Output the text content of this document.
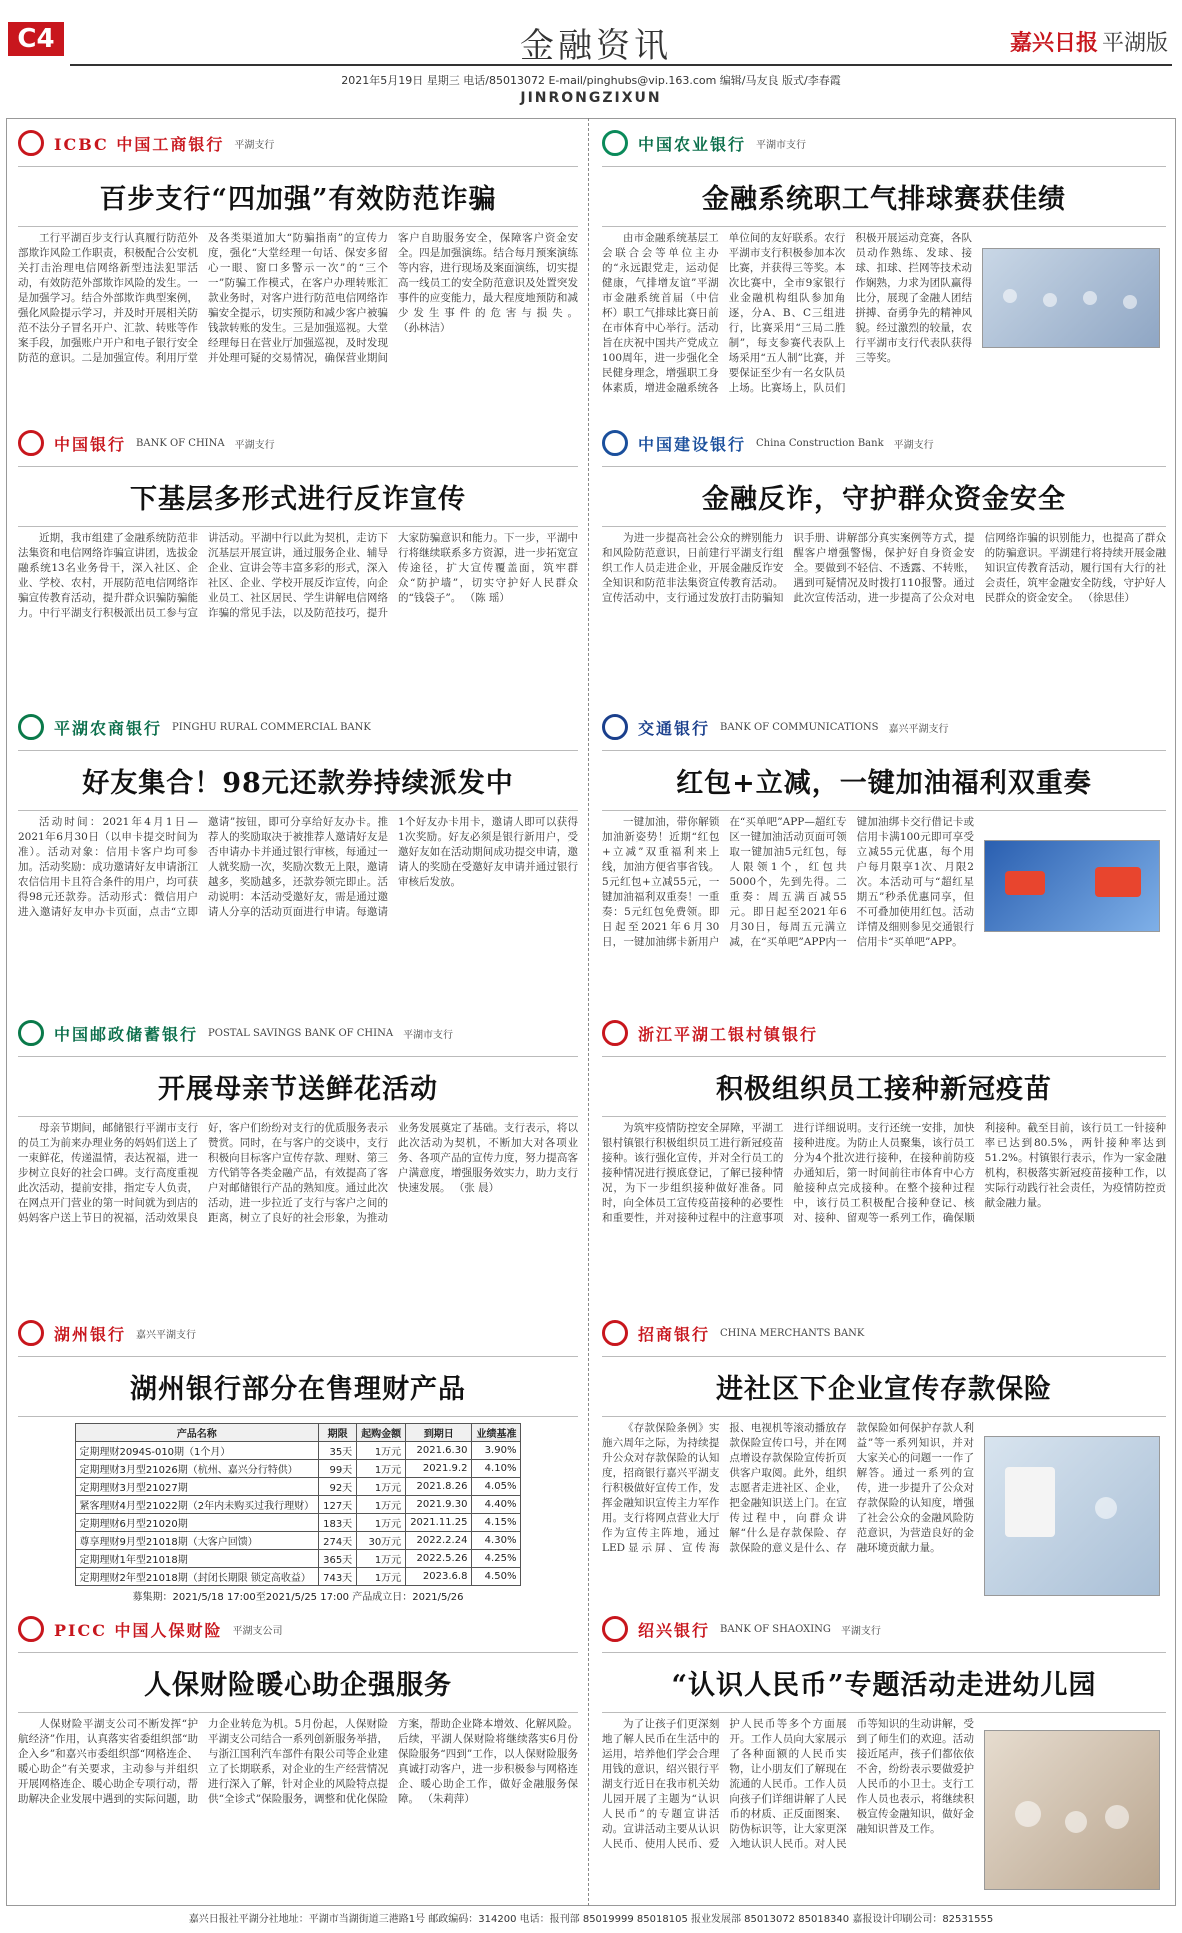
C4	金融资讯	嘉兴日报 平湖版
2021年5月19日 星期三 电话/85013072 E-mail/pinghubs@vip.163.com 编辑/马友良 版式/李春霞
JINRONGZIXUN
ICBC 中国工商银行 平湖支行
百步支行“四加强”有效防范诈骗
工行平湖百步支行认真履行防范外部欺诈风险工作职责，积极配合公安机关打击治理电信网络新型违法犯罪活动，有效防范外部欺诈风险的发生。一是加强学习。结合外部欺诈典型案例，强化风险提示学习，并及时开展相关防范不法分子冒名开户、汇款、转账等作案手段，加强账户开户和电子银行安全防范的意识。二是加强宣传。利用厅堂及各类渠道加大“防骗指南”的宣传力度，强化“大堂经理一句话、保安多留心一眼、窗口多警示一次”的“三个一”防骗工作模式，在客户办理转账汇款业务时，对客户进行防范电信网络诈骗安全提示，切实预防和减少客户被骗钱款转账的发生。三是加强巡视。大堂经理每日在营业厅加强巡视，及时发现并处理可疑的交易情况，确保营业期间客户自助服务安全，保障客户资金安全。四是加强演练。结合每月预案演练等内容，进行现场及案面演练，切实提高一线员工的安全防范意识及处置突发事件的应变能力，最大程度地预防和减少发生事件的危害与损失。 （孙林洁）
中国农业银行 平湖市支行
金融系统职工气排球赛获佳绩
由市金融系统基层工会联合会等单位主办的“永远跟党走，运动促健康，气排增友谊”平湖市金融系统首届（中信杯）职工气排球比赛日前在市体育中心举行。活动旨在庆祝中国共产党成立100周年，进一步强化全民健身理念，增强职工身体素质，增进金融系统各单位间的友好联系。农行平湖市支行积极参加本次比赛，并获得三等奖。本次比赛中，全市9家银行业金融机构组队参加角逐，分A、B、C三组进行，比赛采用“三局二胜制”，每支参赛代表队上场采用“五人制”比赛，并要保证至少有一名女队员上场。比赛场上，队员们积极开展运动竞赛，各队员动作熟练、发球、接球、扣球、拦网等技术动作娴熟，力求为团队赢得比分，展现了金融人团结拼搏、奋勇争先的精神风貌。经过激烈的较量，农行平湖市支行代表队获得三等奖。
中国银行 BANK OF CHINA 平湖支行
下基层多形式进行反诈宣传
近期，我市组建了金融系统防范非法集资和电信网络诈骗宣讲团，选拔金融系统13名业务骨干，深入社区、企业、学校、农村，开展防范电信网络诈骗宣传教育活动，提升群众识骗防骗能力。中行平湖支行积极派出员工参与宣讲活动。平湖中行以此为契机，走访下沉基层开展宣讲，通过服务企业、辅导企业、宣讲会等丰富多彩的形式，深入社区、企业、学校开展反诈宣传，向企业员工、社区居民、学生讲解电信网络诈骗的常见手法，以及防范技巧，提升大家防骗意识和能力。下一步，平湖中行将继续联系多方资源，进一步拓宽宣传途径，扩大宣传覆盖面，筑牢群众“防护墙”，切实守护好人民群众的“钱袋子”。 （陈 瑶）
中国建设银行 China Construction Bank 平湖支行
金融反诈，守护群众资金安全
为进一步提高社会公众的辨别能力和风险防范意识，日前建行平湖支行组织工作人员走进企业，开展金融反诈安全知识和防范非法集资宣传教育活动。宣传活动中，支行通过发放打击防骗知识手册、讲解部分真实案例等方式，提醒客户增强警惕，保护好自身资金安全。要做到不轻信、不透露、不转账，遇到可疑情况及时拨打110报警。通过此次宣传活动，进一步提高了公众对电信网络诈骗的识别能力，也提高了群众的防骗意识。平湖建行将持续开展金融知识宣传教育活动，履行国有大行的社会责任，筑牢金融安全防线，守护好人民群众的资金安全。 （徐思佳）
平湖农商银行 PINGHU RURAL COMMERCIAL BANK
好友集合！98元还款券持续派发中
活动时间：2021年4月1日—2021年6月30日（以申卡提交时间为准）。活动对象：信用卡客户均可参加。活动奖励：成功邀请好友申请浙江农信信用卡且符合条件的用户，均可获得98元还款券。活动形式：微信用户进入邀请好友申办卡页面，点击“立即邀请”按钮，即可分享给好友办卡。推荐人的奖励取决于被推荐人邀请好友是否申请办卡并通过银行审核，每通过一人就奖励一次，奖励次数无上限，邀请越多，奖励越多，还款券领完即止。活动说明：本活动受邀好友，需是通过邀请人分享的活动页面进行申请。每邀请1个好友办卡用卡，邀请人即可以获得1次奖励。好友必须是银行新用户，受邀好友如在活动期间成功提交申请，邀请人的奖励在受邀好友申请并通过银行审核后发放。
交通银行 BANK OF COMMUNICATIONS 嘉兴平湖支行
红包+立减，一键加油福利双重奏
一键加油，带你解锁加油新姿势！近期“红包+立减”双重福利来上线，加油方便省事省钱。5元红包+立减55元，一键加油福利双重奏！一重奏：5元红包免费领。即日起至2021年6月30日，一键加油绑卡新用户在“买单吧”APP—超红专区一键加油活动页面可领取一键加油5元红包，每人限领1个，红包共5000个，先到先得。二重奏：周五满百减55元。即日起至2021年6月30日，每周五元满立减，在“买单吧”APP内一键加油绑卡交行借记卡或信用卡满100元即可享受立减55元优惠，每个用户每月限享1次、月限2次。本活动可与“超红星期五”秒杀优惠同享，但不可叠加使用红包。活动详情及细则参见交通银行信用卡“买单吧”APP。
中国邮政储蓄银行 POSTAL SAVINGS BANK OF CHINA 平湖市支行
开展母亲节送鲜花活动
母亲节期间，邮储银行平湖市支行的员工为前来办理业务的妈妈们送上了一束鲜花，传递温情，表达祝福，进一步树立良好的社会口碑。支行高度重视此次活动，提前安排，指定专人负责，在网点开门营业的第一时间就为到店的妈妈客户送上节日的祝福，活动效果良好，客户们纷纷对支行的优质服务表示赞赏。同时，在与客户的交谈中，支行积极向目标客户宣传存款、理财、第三方代销等各类金融产品，有效提高了客户对邮储银行产品的熟知度。通过此次活动，进一步拉近了支行与客户之间的距离，树立了良好的社会形象，为推动业务发展奠定了基础。支行表示，将以此次活动为契机，不断加大对各项业务、各项产品的宣传力度，努力提高客户满意度，增强服务效实力，助力支行快速发展。 （张 晨）
浙江平湖工银村镇银行
积极组织员工接种新冠疫苗
为筑牢疫情防控安全屏障，平湖工银村镇银行积极组织员工进行新冠疫苗接种。该行强化宣传，并对全行员工的接种情况进行摸底登记，了解已接种情况，为下一步组织接种做好准备。同时，向全体员工宣传疫苗接种的必要性和重要性，并对接种过程中的注意事项进行详细说明。支行还统一安排，加快接种进度。为防止人员聚集，该行员工分为4个批次进行接种，在接种前防疫办通知后，第一时间前往市体育中心方舱接种点完成接种。在整个接种过程中，该行员工积极配合接种登记、核对、接种、留观等一系列工作，确保顺利接种。截至目前，该行员工一针接种率已达到80.5%，两针接种率达到51.2%。村镇银行表示，作为一家金融机构，积极落实新冠疫苗接种工作，以实际行动践行社会责任，为疫情防控贡献金融力量。
湖州银行 嘉兴平湖支行
湖州银行部分在售理财产品
产品名称	期限	起购金额	到期日	业绩基准
定期理财2094S-010期（1个月）	35天	1万元	2021.6.30	3.90%
定期理财3月型21026期（杭州、嘉兴分行特供）	99天	1万元	2021.9.2	4.10%
定期理财3月型21027期	92天	1万元	2021.8.26	4.05%
紧客理财4月型21022期（2年内未购买过我行理财）	127天	1万元	2021.9.30	4.40%
定期理财6月型21020期	183天	1万元	2021.11.25	4.15%
尊享理财9月型21018期（大客户回馈）	274天	30万元	2022.2.24	4.30%
定期理财1年型21018期	365天	1万元	2022.5.26	4.25%
定期理财2年型21018期（封闭长期限 锁定高收益）	743天	1万元	2023.6.8	4.50%
募集期：2021/5/18 17:00至2021/5/25 17:00 产品成立日：2021/5/26
招商银行 CHINA MERCHANTS BANK
进社区下企业宣传存款保险
《存款保险条例》实施六周年之际，为持续提升公众对存款保险的认知度，招商银行嘉兴平湖支行积极做好宣传工作，发挥金融知识宣传主力军作用。支行将网点营业大厅作为宣传主阵地，通过LED显示屏、宣传海报、电视机等滚动播放存款保险宣传口号，并在网点增设存款保险宣传折页供客户取阅。此外，组织志愿者走进社区、企业，把金融知识送上门。在宣传过程中，向群众讲解“什么是存款保险、存款保险的意义是什么、存款保险如何保护存款人利益”等一系列知识，并对大家关心的问题一一作了解答。通过一系列的宣传，进一步提升了公众对存款保险的认知度，增强了社会公众的金融风险防范意识，为营造良好的金融环境贡献力量。
PICC 中国人保财险 平湖支公司
人保财险暖心助企强服务
人保财险平湖支公司不断发挥“护航经济”作用，认真落实省委组织部“助企入乡”和嘉兴市委组织部“网格连企、暖心助企”有关要求，主动参与并组织开展网格连企、暖心助企专项行动，帮助解决企业发展中遇到的实际问题，助力企业转危为机。5月份起，人保财险平湖支公司结合一系列创新服务举措，与浙江国利汽车部件有限公司等企业建立了长期联系，对企业的生产经营情况进行深入了解，针对企业的风险特点提供“全诊式”保险服务，调整和优化保险方案，帮助企业降本增效、化解风险。后续，平湖人保财险将继续落实6月份保险服务“四到”工作，以人保财险服务真诚打动客户，进一步积极参与网格连企、暖心助企工作，做好金融服务保障。 （朱莉萍）
绍兴银行 BANK OF SHAOXING 平湖支行
“认识人民币”专题活动走进幼儿园
为了让孩子们更深刻地了解人民币在生活中的运用，培养他们学会合理用钱的意识，绍兴银行平湖支行近日在我市机关幼儿园开展了主题为“认识人民币”的专题宣讲活动。宣讲活动主要从认识人民币、使用人民币、爱护人民币等多个方面展开。工作人员向大家展示了各种面额的人民币实物，让小朋友们了解现在流通的人民币。工作人员向孩子们详细讲解了人民币的材质、正反面图案、防伪标识等，让大家更深入地认识人民币。对人民币等知识的生动讲解，受到了师生们的欢迎。活动接近尾声，孩子们都依依不舍，纷纷表示要做爱护人民币的小卫士。支行工作人员也表示，将继续积极宣传金融知识，做好金融知识普及工作。
嘉兴日报社平湖分社地址：平湖市当湖街道三港路1号 邮政编码：314200 电话：报刊部 85019999 85018105 报业发展部 85013072 85018340 嘉报设计印刷公司：82531555
